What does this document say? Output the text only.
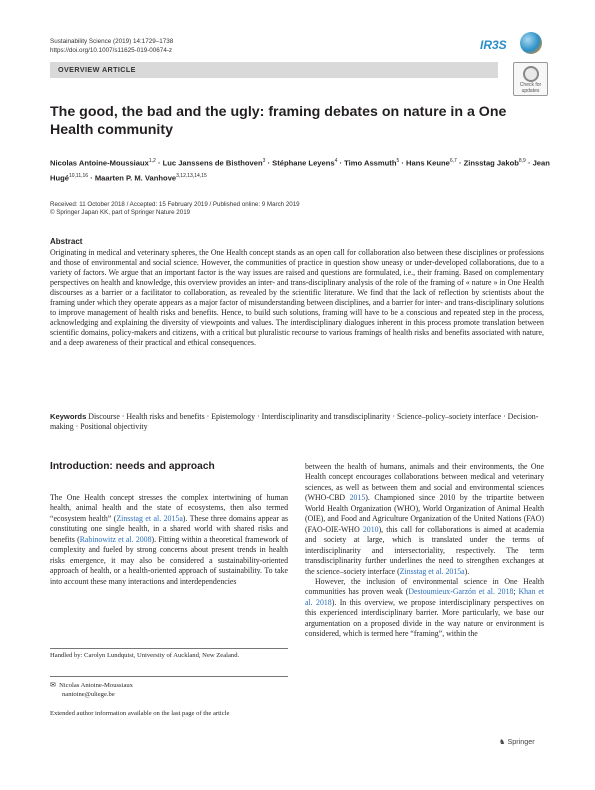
Sustainability Science (2019) 14:1729–1738
https://doi.org/10.1007/s11625-019-00674-z	IR3S
OVERVIEW ARTICLE
Check for
updates
The good, the bad and the ugly: framing debates on nature in a One Health community
Nicolas Antoine-Moussiaux$^{1,2}$ · Luc Janssens de Bisthoven$^3$ · Stéphane Leyens$^4$ · Timo Assmuth$^5$ · Hans Keune$^{6,7}$ · Zinsstag Jakob$^{8,9}$ · Jean Hugé$^{10,11,16}$ · Maarten P. M. Vanhove$^{3,12,13,14,15}$
Received: 11 October 2018 / Accepted: 15 February 2019 / Published online: 9 March 2019
© Springer Japan KK, part of Springer Nature 2019
Abstract
Originating in medical and veterinary spheres, the One Health concept stands as an open call for collaboration also between these disciplines or professions and those of environmental and social science. However, the communities of practice in question show uneasy or under-developed collaborations, due to a variety of factors. We argue that an important factor is the way issues are raised and questions are formulated, i.e., their framing. Based on complementary perspectives on health and knowledge, this overview provides an inter- and trans-disciplinary analysis of the role of the framing of « nature » in One Health discourses as a barrier or a facilitator to collaboration, as revealed by the scientific literature. We find that the lack of reflection by scientists about the framing under which they operate appears as a major factor of misunderstanding between disciplines, and a barrier for inter- and trans-disciplinary solutions to improve management of health risks and benefits. Hence, to build such solutions, framing will have to be a conscious and repeated step in the process, acknowledging and explaining the diversity of viewpoints and values. The interdisciplinary dialogues inherent in this process promote translation between scientific domains, policy-makers and citizens, with a critical but pluralistic recourse to various framings of health risks and benefits associated with nature, and a deep awareness of their practical and ethical consequences.
Keywords Discourse · Health risks and benefits · Epistemology · Interdisciplinarity and transdisciplinarity · Science–policy–society interface · Decision-making · Positional objectivity
Introduction: needs and approach
The One Health concept stresses the complex intertwining of human health, animal health and the state of ecosystems, then also termed “ecosystem health” (Zinsstag et al. 2015a). These three domains appear as constituting one single health, in a shared world with shared risks and benefits (Rabinowitz et al. 2008). Fitting within a theoretical framework of complexity and fueled by strong concerns about present trends in health risks emergence, it may also be considered a sustainability-oriented approach of health, or a health-oriented approach of sustainability. To take into account these many interactions and interdependencies
Handled by: Carolyn Lundquist, University of Auckland, New Zealand.
✉ Nicolas Antoine-Moussiaux
nantoine@uliege.be
Extended author information available on the last page of the article
between the health of humans, animals and their environments, the One Health concept encourages collaborations between medical and veterinary sciences, as well as between them and social and environmental sciences (WHO-CBD 2015). Championed since 2010 by the tripartite between World Health Organization (WHO), World Organization of Animal Health (OIE), and Food and Agriculture Organization of the United Nations (FAO) (FAO-OIE-WHO 2010), this call for collaborations is aimed at academia and society at large, which is translated under the terms of interdisciplinarity and intersectoriality, respectively. The term transdisciplinarity further underlines the need to strengthen exchanges at the science–society interface (Zinsstag et al. 2015a).
However, the inclusion of environmental science in One Health communities has proven weak (Destoumieux-Garzón et al. 2018; Khan et al. 2018). In this overview, we propose interdisciplinary perspectives on this experienced interdisciplinary barrier. More particularly, we base our argumentation on a proposed divide in the way nature or environment is considered, which is termed here “framing”, within the
♞ Springer
